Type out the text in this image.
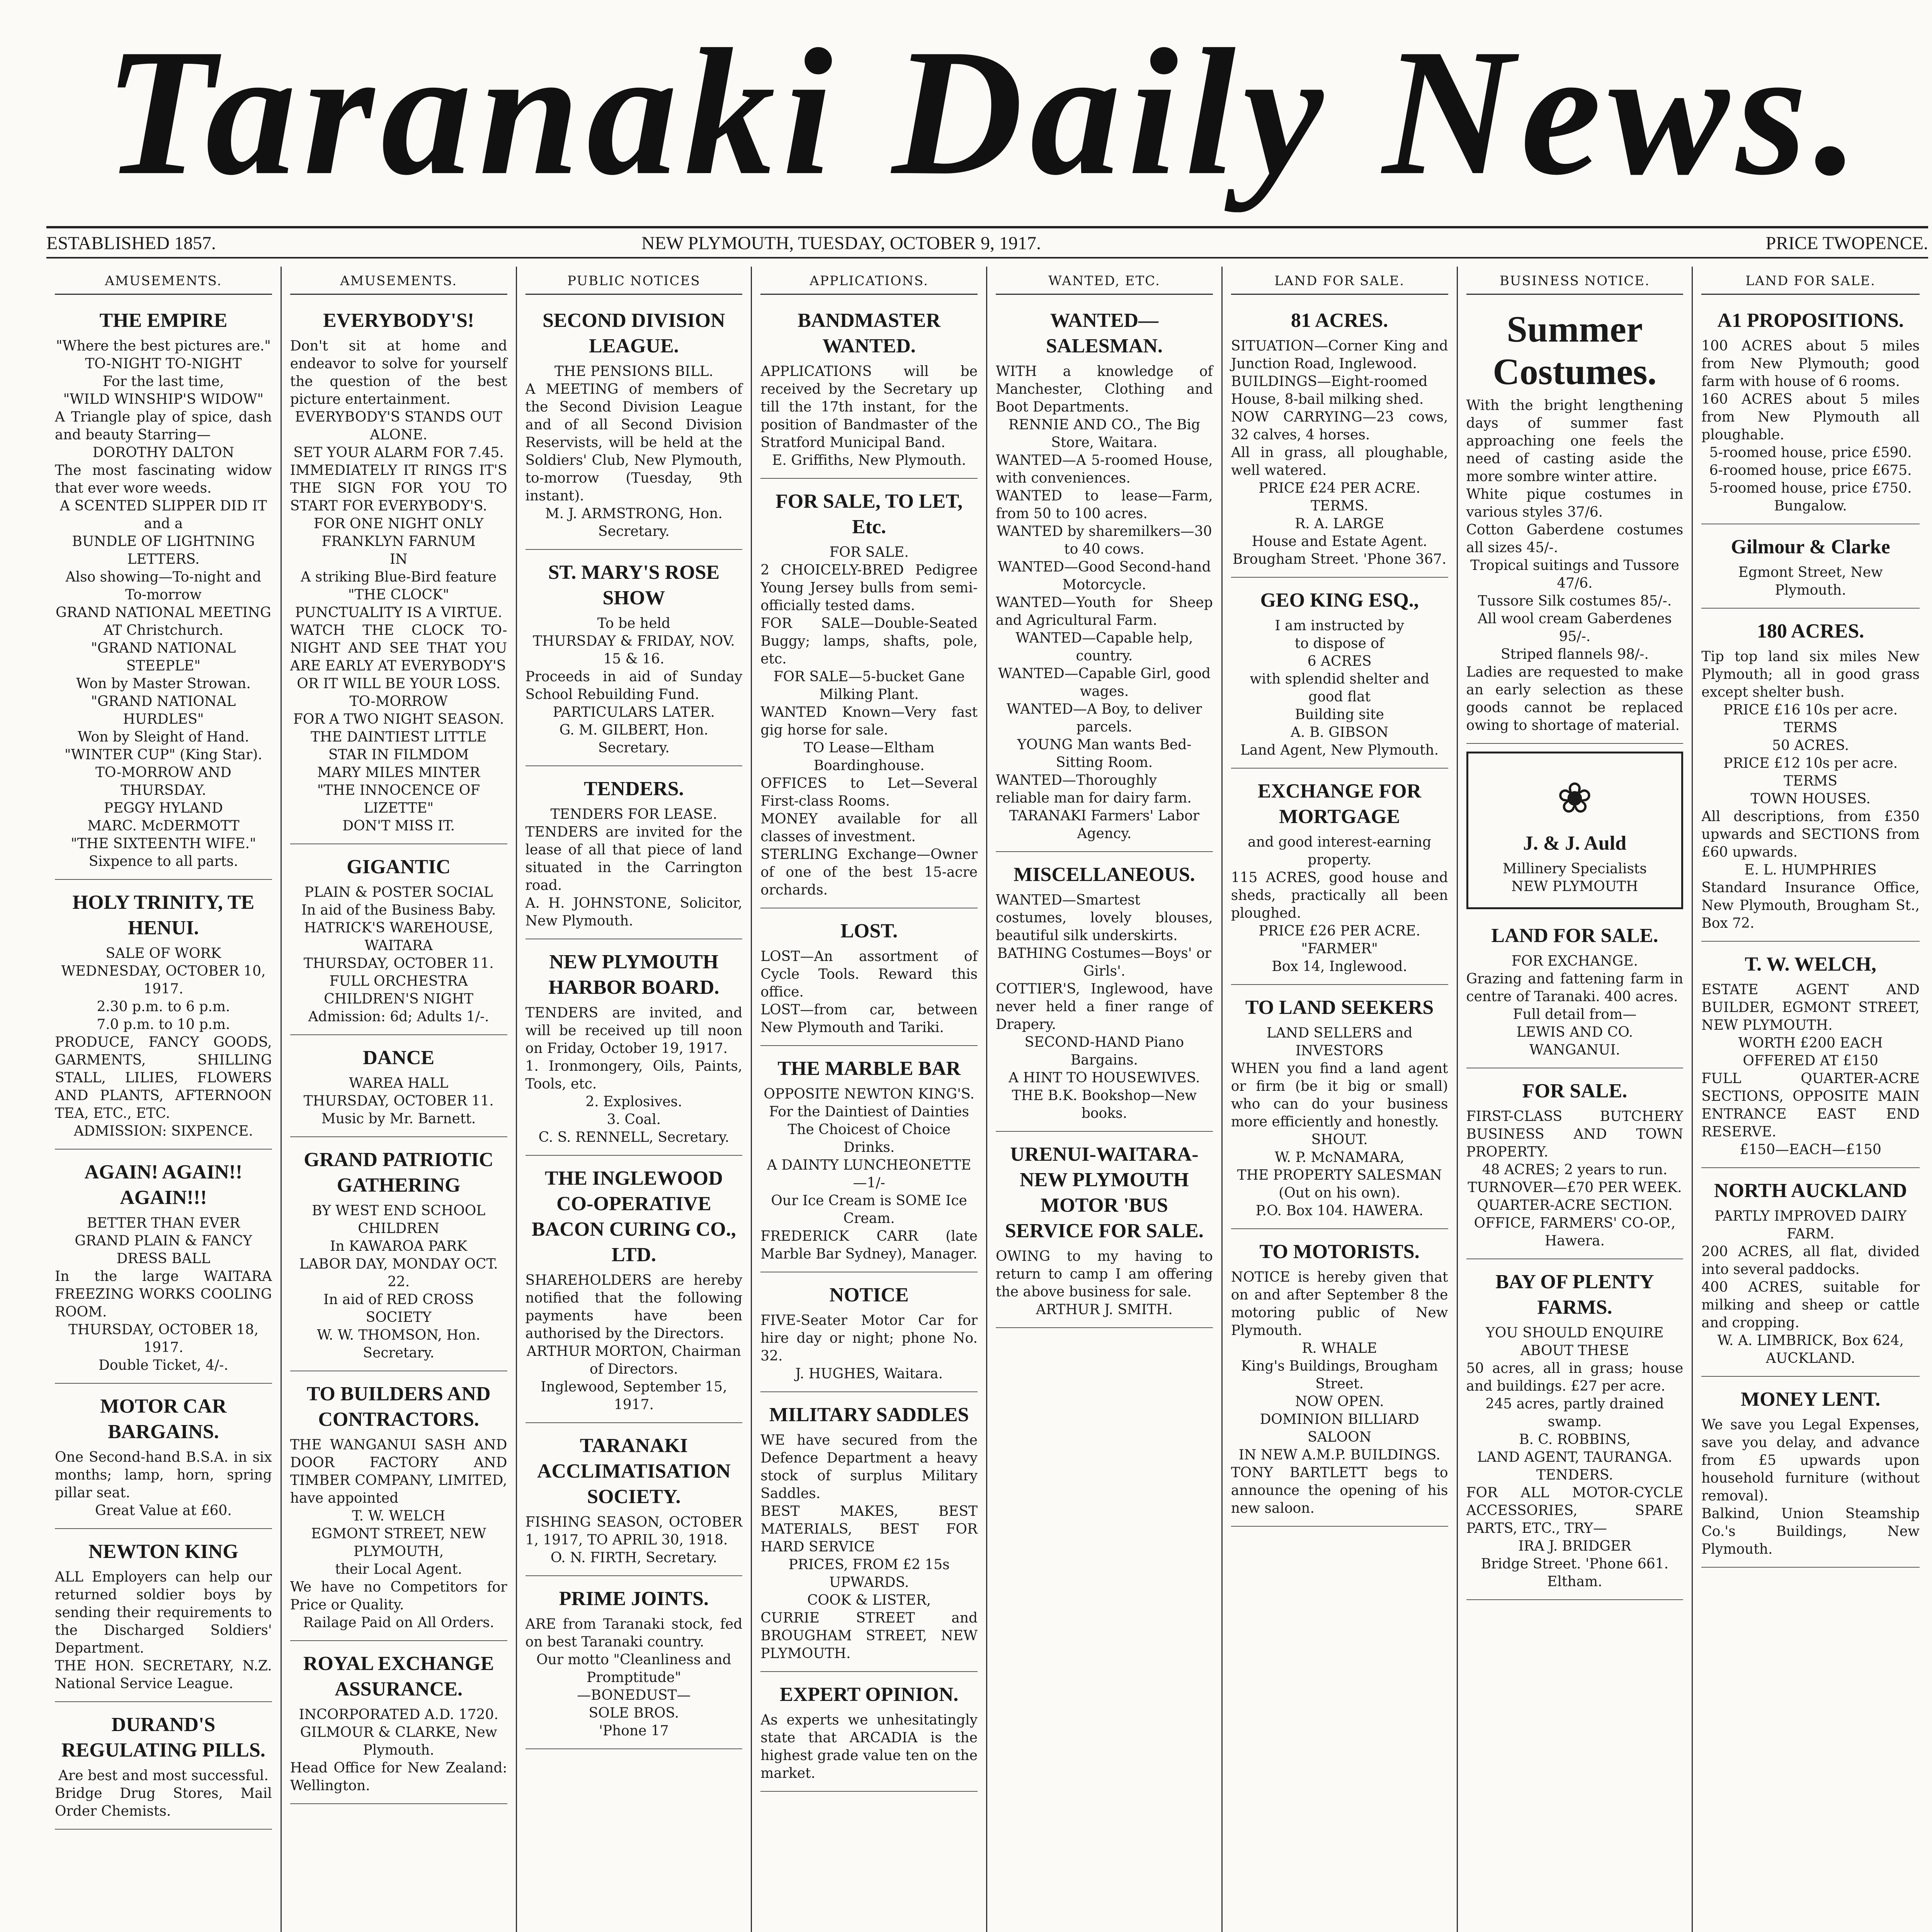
Taranaki Daily News.
ESTABLISHED 1857.	NEW PLYMOUTH, TUESDAY, OCTOBER 9, 1917.	PRICE TWOPENCE.
AMUSEMENTS.
THE EMPIRE

"Where the best pictures are."

TO-NIGHT TO-NIGHT

For the last time,

"WILD WINSHIP'S WIDOW"

A Triangle play of spice, dash and beauty Starring—

DOROTHY DALTON

The most fascinating widow that ever wore weeds.

A SCENTED SLIPPER DID IT

and a

BUNDLE OF LIGHTNING LETTERS.

Also showing—To-night and To-morrow

GRAND NATIONAL MEETING AT Christchurch.

"GRAND NATIONAL STEEPLE"

Won by Master Strowan.

"GRAND NATIONAL HURDLES"

Won by Sleight of Hand.

"WINTER CUP" (King Star).

TO-MORROW AND THURSDAY.

PEGGY HYLAND

MARC. McDERMOTT

"THE SIXTEENTH WIFE."

Sixpence to all parts.

HOLY TRINITY, TE HENUI.

SALE OF WORK

WEDNESDAY, OCTOBER 10, 1917.

2.30 p.m. to 6 p.m.

7.0 p.m. to 10 p.m.

PRODUCE, FANCY GOODS, GARMENTS, SHILLING STALL, LILIES, FLOWERS AND PLANTS, AFTERNOON TEA, ETC., ETC.

ADMISSION: SIXPENCE.

AGAIN! AGAIN!! AGAIN!!!

BETTER THAN EVER

GRAND PLAIN & FANCY DRESS BALL

In the large WAITARA FREEZING WORKS COOLING ROOM.

THURSDAY, OCTOBER 18, 1917.

Double Ticket, 4/-.

MOTOR CAR BARGAINS.

One Second-hand B.S.A. in six months; lamp, horn, spring pillar seat.

Great Value at £60.

NEWTON KING

ALL Employers can help our returned soldier boys by sending their requirements to the Discharged Soldiers' Department.

THE HON. SECRETARY, N.Z. National Service League.

DURAND'S REGULATING PILLS.

Are best and most successful.

Bridge Drug Stores, Mail Order Chemists.

AMUSEMENTS.
EVERYBODY'S!

Don't sit at home and endeavor to solve for yourself the question of the best picture entertainment.

EVERYBODY'S STANDS OUT ALONE.

SET YOUR ALARM FOR 7.45.

IMMEDIATELY IT RINGS IT'S THE SIGN FOR YOU TO START FOR EVERYBODY'S.

FOR ONE NIGHT ONLY

FRANKLYN FARNUM

IN

A striking Blue-Bird feature

"THE CLOCK"

PUNCTUALITY IS A VIRTUE.

WATCH THE CLOCK TO-NIGHT AND SEE THAT YOU ARE EARLY AT EVERYBODY'S

OR IT WILL BE YOUR LOSS.

TO-MORROW

FOR A TWO NIGHT SEASON.

THE DAINTIEST LITTLE STAR IN FILMDOM

MARY MILES MINTER

"THE INNOCENCE OF LIZETTE"

DON'T MISS IT.

GIGANTIC

PLAIN & POSTER SOCIAL

In aid of the Business Baby.

HATRICK'S WAREHOUSE, WAITARA

THURSDAY, OCTOBER 11.

FULL ORCHESTRA

CHILDREN'S NIGHT

Admission: 6d; Adults 1/-.

DANCE

WAREA HALL

THURSDAY, OCTOBER 11.

Music by Mr. Barnett.

GRAND PATRIOTIC GATHERING

BY WEST END SCHOOL CHILDREN

In KAWAROA PARK

LABOR DAY, MONDAY OCT. 22.

In aid of RED CROSS SOCIETY

W. W. THOMSON, Hon. Secretary.

TO BUILDERS AND CONTRACTORS.

THE WANGANUI SASH AND DOOR FACTORY AND TIMBER COMPANY, LIMITED, have appointed

T. W. WELCH

EGMONT STREET, NEW PLYMOUTH,

their Local Agent.

We have no Competitors for Price or Quality.

Railage Paid on All Orders.

ROYAL EXCHANGE ASSURANCE.

INCORPORATED A.D. 1720.

GILMOUR & CLARKE, New Plymouth.

Head Office for New Zealand: Wellington.

PUBLIC NOTICES
SECOND DIVISION LEAGUE.

THE PENSIONS BILL.

A MEETING of members of the Second Division League and of all Second Division Reservists, will be held at the Soldiers' Club, New Plymouth, to-morrow (Tuesday, 9th instant).

M. J. ARMSTRONG, Hon. Secretary.

ST. MARY'S ROSE SHOW

To be held

THURSDAY & FRIDAY, NOV. 15 & 16.

Proceeds in aid of Sunday School Rebuilding Fund.

PARTICULARS LATER.

G. M. GILBERT, Hon. Secretary.

TENDERS.

TENDERS FOR LEASE.

TENDERS are invited for the lease of all that piece of land situated in the Carrington road.

A. H. JOHNSTONE, Solicitor, New Plymouth.

NEW PLYMOUTH HARBOR BOARD.

TENDERS are invited, and will be received up till noon on Friday, October 19, 1917.

1. Ironmongery, Oils, Paints, Tools, etc.

2. Explosives.

3. Coal.

C. S. RENNELL, Secretary.

THE INGLEWOOD CO-OPERATIVE BACON CURING CO., LTD.

SHAREHOLDERS are hereby notified that the following payments have been authorised by the Directors.

ARTHUR MORTON, Chairman of Directors.

Inglewood, September 15, 1917.

TARANAKI ACCLIMATISATION SOCIETY.

FISHING SEASON, OCTOBER 1, 1917, TO APRIL 30, 1918.

O. N. FIRTH, Secretary.

PRIME JOINTS.

ARE from Taranaki stock, fed on best Taranaki country.

Our motto "Cleanliness and Promptitude"

—BONEDUST—

SOLE BROS.

'Phone 17

APPLICATIONS.
BANDMASTER WANTED.

APPLICATIONS will be received by the Secretary up till the 17th instant, for the position of Bandmaster of the Stratford Municipal Band.

E. Griffiths, New Plymouth.

FOR SALE, TO LET, Etc.

FOR SALE.

2 CHOICELY-BRED Pedigree Young Jersey bulls from semi-officially tested dams.

FOR SALE—Double-Seated Buggy; lamps, shafts, pole, etc.

FOR SALE—5-bucket Gane Milking Plant.

WANTED Known—Very fast gig horse for sale.

TO Lease—Eltham Boardinghouse.

OFFICES to Let—Several First-class Rooms.

MONEY available for all classes of investment.

STERLING Exchange—Owner of one of the best 15-acre orchards.

LOST.

LOST—An assortment of Cycle Tools. Reward this office.

LOST—from car, between New Plymouth and Tariki.

THE MARBLE BAR

OPPOSITE NEWTON KING'S.

For the Daintiest of Dainties

The Choicest of Choice Drinks.

A DAINTY LUNCHEONETTE—1/-

Our Ice Cream is SOME Ice Cream.

FREDERICK CARR (late Marble Bar Sydney), Manager.

NOTICE

FIVE-Seater Motor Car for hire day or night; phone No. 32.

J. HUGHES, Waitara.

MILITARY SADDLES

WE have secured from the Defence Department a heavy stock of surplus Military Saddles.

BEST MAKES, BEST MATERIALS, BEST FOR HARD SERVICE

PRICES, FROM £2 15s UPWARDS.

COOK & LISTER,

CURRIE STREET and BROUGHAM STREET, NEW PLYMOUTH.

EXPERT OPINION.

As experts we unhesitatingly state that ARCADIA is the highest grade value ten on the market.

WANTED, ETC.
WANTED—SALESMAN.

WITH a knowledge of Manchester, Clothing and Boot Departments.

RENNIE AND CO., The Big Store, Waitara.

WANTED—A 5-roomed House, with conveniences.

WANTED to lease—Farm, from 50 to 100 acres.

WANTED by sharemilkers—30 to 40 cows.

WANTED—Good Second-hand Motorcycle.

WANTED—Youth for Sheep and Agricultural Farm.

WANTED—Capable help, country.

WANTED—Capable Girl, good wages.

WANTED—A Boy, to deliver parcels.

YOUNG Man wants Bed-Sitting Room.

WANTED—Thoroughly reliable man for dairy farm.

TARANAKI Farmers' Labor Agency.

MISCELLANEOUS.

WANTED—Smartest costumes, lovely blouses, beautiful silk underskirts.

BATHING Costumes—Boys' or Girls'.

COTTIER'S, Inglewood, have never held a finer range of Drapery.

SECOND-HAND Piano Bargains.

A HINT TO HOUSEWIVES.

THE B.K. Bookshop—New books.

URENUI-WAITARA-NEW PLYMOUTH MOTOR 'BUS SERVICE FOR SALE.

OWING to my having to return to camp I am offering the above business for sale.

ARTHUR J. SMITH.

LAND FOR SALE.
81 ACRES.

SITUATION—Corner King and Junction Road, Inglewood.

BUILDINGS—Eight-roomed House, 8-bail milking shed.

NOW CARRYING—23 cows, 32 calves, 4 horses.

All in grass, all ploughable, well watered.

PRICE £24 PER ACRE.

TERMS.

R. A. LARGE

House and Estate Agent.

Brougham Street. 'Phone 367.

GEO KING ESQ.,

I am instructed by

to dispose of

6 ACRES

with splendid shelter and good flat

Building site

A. B. GIBSON

Land Agent, New Plymouth.

EXCHANGE FOR MORTGAGE

and good interest-earning property.

115 ACRES, good house and sheds, practically all been ploughed.

PRICE £26 PER ACRE.

"FARMER"

Box 14, Inglewood.

TO LAND SEEKERS

LAND SELLERS and INVESTORS

WHEN you find a land agent or firm (be it big or small) who can do your business more efficiently and honestly.

SHOUT.

W. P. McNAMARA,

THE PROPERTY SALESMAN (Out on his own).

P.O. Box 104. HAWERA.

TO MOTORISTS.

NOTICE is hereby given that on and after September 8 the motoring public of New Plymouth.

R. WHALE

King's Buildings, Brougham Street.

NOW OPEN.

DOMINION BILLIARD SALOON

IN NEW A.M.P. BUILDINGS.

TONY BARTLETT begs to announce the opening of his new saloon.

BUSINESS NOTICE.
Summer Costumes.

With the bright lengthening days of summer fast approaching one feels the need of casting aside the more sombre winter attire.

White pique costumes in various styles 37/6.

Cotton Gaberdene costumes all sizes 45/-.

Tropical suitings and Tussore 47/6.

Tussore Silk costumes 85/-.

All wool cream Gaberdenes 95/-.

Striped flannels 98/-.

Ladies are requested to make an early selection as these goods cannot be replaced owing to shortage of material.

❀
J. & J. Auld

Millinery Specialists

NEW PLYMOUTH

LAND FOR SALE.

FOR EXCHANGE.

Grazing and fattening farm in centre of Taranaki. 400 acres.

Full detail from—

LEWIS AND CO.

WANGANUI.

FOR SALE.

FIRST-CLASS BUTCHERY BUSINESS AND TOWN PROPERTY.

48 ACRES; 2 years to run.

TURNOVER—£70 PER WEEK.

QUARTER-ACRE SECTION.

OFFICE, FARMERS' CO-OP., Hawera.

BAY OF PLENTY FARMS.

YOU SHOULD ENQUIRE ABOUT THESE

50 acres, all in grass; house and buildings. £27 per acre.

245 acres, partly drained swamp.

B. C. ROBBINS,

LAND AGENT, TAURANGA.

TENDERS.

FOR ALL MOTOR-CYCLE ACCESSORIES, SPARE PARTS, ETC., TRY—

IRA J. BRIDGER

Bridge Street. 'Phone 661. Eltham.

LAND FOR SALE.
A1 PROPOSITIONS.

100 ACRES about 5 miles from New Plymouth; good farm with house of 6 rooms.

160 ACRES about 5 miles from New Plymouth all ploughable.

5-roomed house, price £590.

6-roomed house, price £675.

5-roomed house, price £750. Bungalow.

Gilmour & Clarke

Egmont Street, New Plymouth.

180 ACRES.

Tip top land six miles New Plymouth; all in good grass except shelter bush.

PRICE £16 10s per acre. TERMS

50 ACRES.

PRICE £12 10s per acre. TERMS

TOWN HOUSES.

All descriptions, from £350 upwards and SECTIONS from £60 upwards.

E. L. HUMPHRIES

Standard Insurance Office, New Plymouth, Brougham St., Box 72.

T. W. WELCH,

ESTATE AGENT AND BUILDER, EGMONT STREET, NEW PLYMOUTH.

WORTH £200 EACH

OFFERED AT £150

FULL QUARTER-ACRE SECTIONS, OPPOSITE MAIN ENTRANCE EAST END RESERVE.

£150—EACH—£150

NORTH AUCKLAND

PARTLY IMPROVED DAIRY FARM.

200 ACRES, all flat, divided into several paddocks.

400 ACRES, suitable for milking and sheep or cattle and cropping.

W. A. LIMBRICK, Box 624, AUCKLAND.

MONEY LENT.

We save you Legal Expenses, save you delay, and advance from £5 upwards upon household furniture (without removal).

Balkind, Union Steamship Co.'s Buildings, New Plymouth.
